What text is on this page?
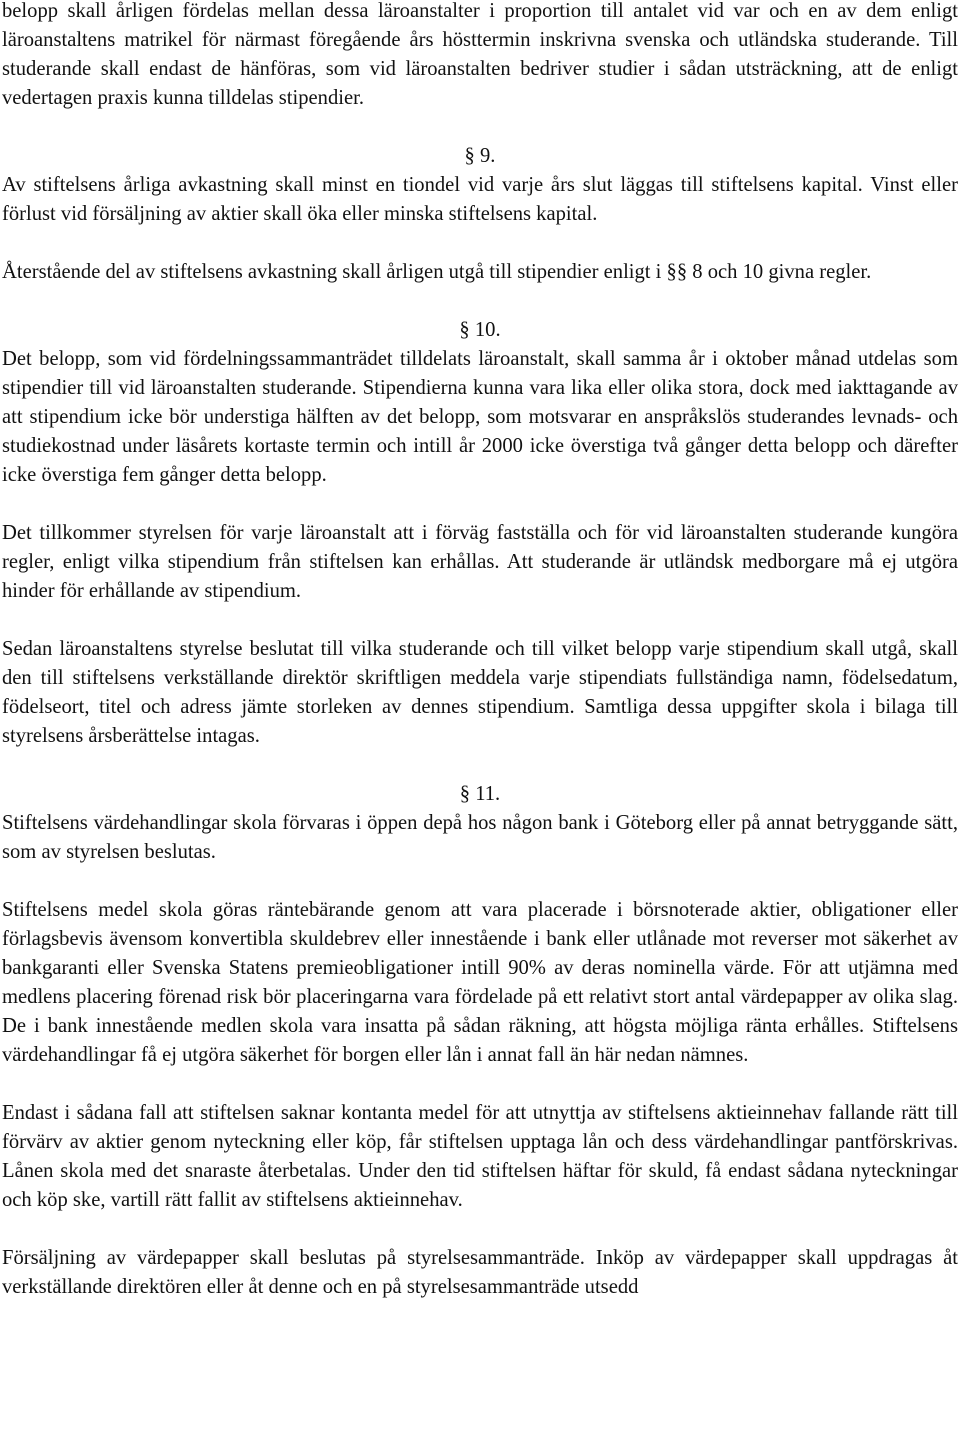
belopp skall årligen fördelas mellan dessa läroanstalter i proportion till antalet vid var och en av dem enligt läroanstaltens matrikel för närmast föregående års hösttermin inskrivna svenska och utländska studerande. Till studerande skall endast de hänföras, som vid läroanstalten bedriver studier i sådan utsträckning, att de enligt vedertagen praxis kunna tilldelas stipendier.

§ 9.

Av stiftelsens årliga avkastning skall minst en tiondel vid varje års slut läggas till stiftelsens kapital. Vinst eller förlust vid försäljning av aktier skall öka eller minska stiftelsens kapital.

Återstående del av stiftelsens avkastning skall årligen utgå till stipendier enligt i §§ 8 och 10 givna regler.

§ 10.

Det belopp, som vid fördelningssammanträdet tilldelats läroanstalt, skall samma år i oktober månad utdelas som stipendier till vid läroanstalten studerande. Stipendierna kunna vara lika eller olika stora, dock med iakttagande av att stipendium icke bör understiga hälften av det belopp, som motsvarar en anspråkslös studerandes levnads- och studiekostnad under läsårets kortaste termin och intill år 2000 icke överstiga två gånger detta belopp och därefter icke överstiga fem gånger detta belopp.

Det tillkommer styrelsen för varje läroanstalt att i förväg fastställa och för vid läroanstalten studerande kungöra regler, enligt vilka stipendium från stiftelsen kan erhållas. Att studerande är utländsk medborgare må ej utgöra hinder för erhållande av stipendium.

Sedan läroanstaltens styrelse beslutat till vilka studerande och till vilket belopp varje stipendium skall utgå, skall den till stiftelsens verkställande direktör skriftligen meddela varje stipendiats fullständiga namn, födelsedatum, födelseort, titel och adress jämte storleken av dennes stipendium. Samtliga dessa uppgifter skola i bilaga till styrelsens årsberättelse intagas.

§ 11.

Stiftelsens värdehandlingar skola förvaras i öppen depå hos någon bank i Göteborg eller på annat betryggande sätt, som av styrelsen beslutas.

Stiftelsens medel skola göras räntebärande genom att vara placerade i börsnoterade aktier, obligationer eller förlagsbevis ävensom konvertibla skuldebrev eller innestående i bank eller utlånade mot reverser mot säkerhet av bankgaranti eller Svenska Statens premieobligationer intill 90% av deras nominella värde. För att utjämna med medlens placering förenad risk bör placeringarna vara fördelade på ett relativt stort antal värdepapper av olika slag. De i bank innestående medlen skola vara insatta på sådan räkning, att högsta möjliga ränta erhålles. Stiftelsens värdehandlingar få ej utgöra säkerhet för borgen eller lån i annat fall än här nedan nämnes.

Endast i sådana fall att stiftelsen saknar kontanta medel för att utnyttja av stiftelsens aktieinnehav fallande rätt till förvärv av aktier genom nyteckning eller köp, får stiftelsen upptaga lån och dess värdehandlingar pantförskrivas. Lånen skola med det snaraste återbetalas. Under den tid stiftelsen häftar för skuld, få endast sådana nyteckningar och köp ske, vartill rätt fallit av stiftelsens aktieinnehav.

Försäljning av värdepapper skall beslutas på styrelsesammanträde. Inköp av värdepapper skall uppdragas åt verkställande direktören eller åt denne och en på styrelsesammanträde utsedd
